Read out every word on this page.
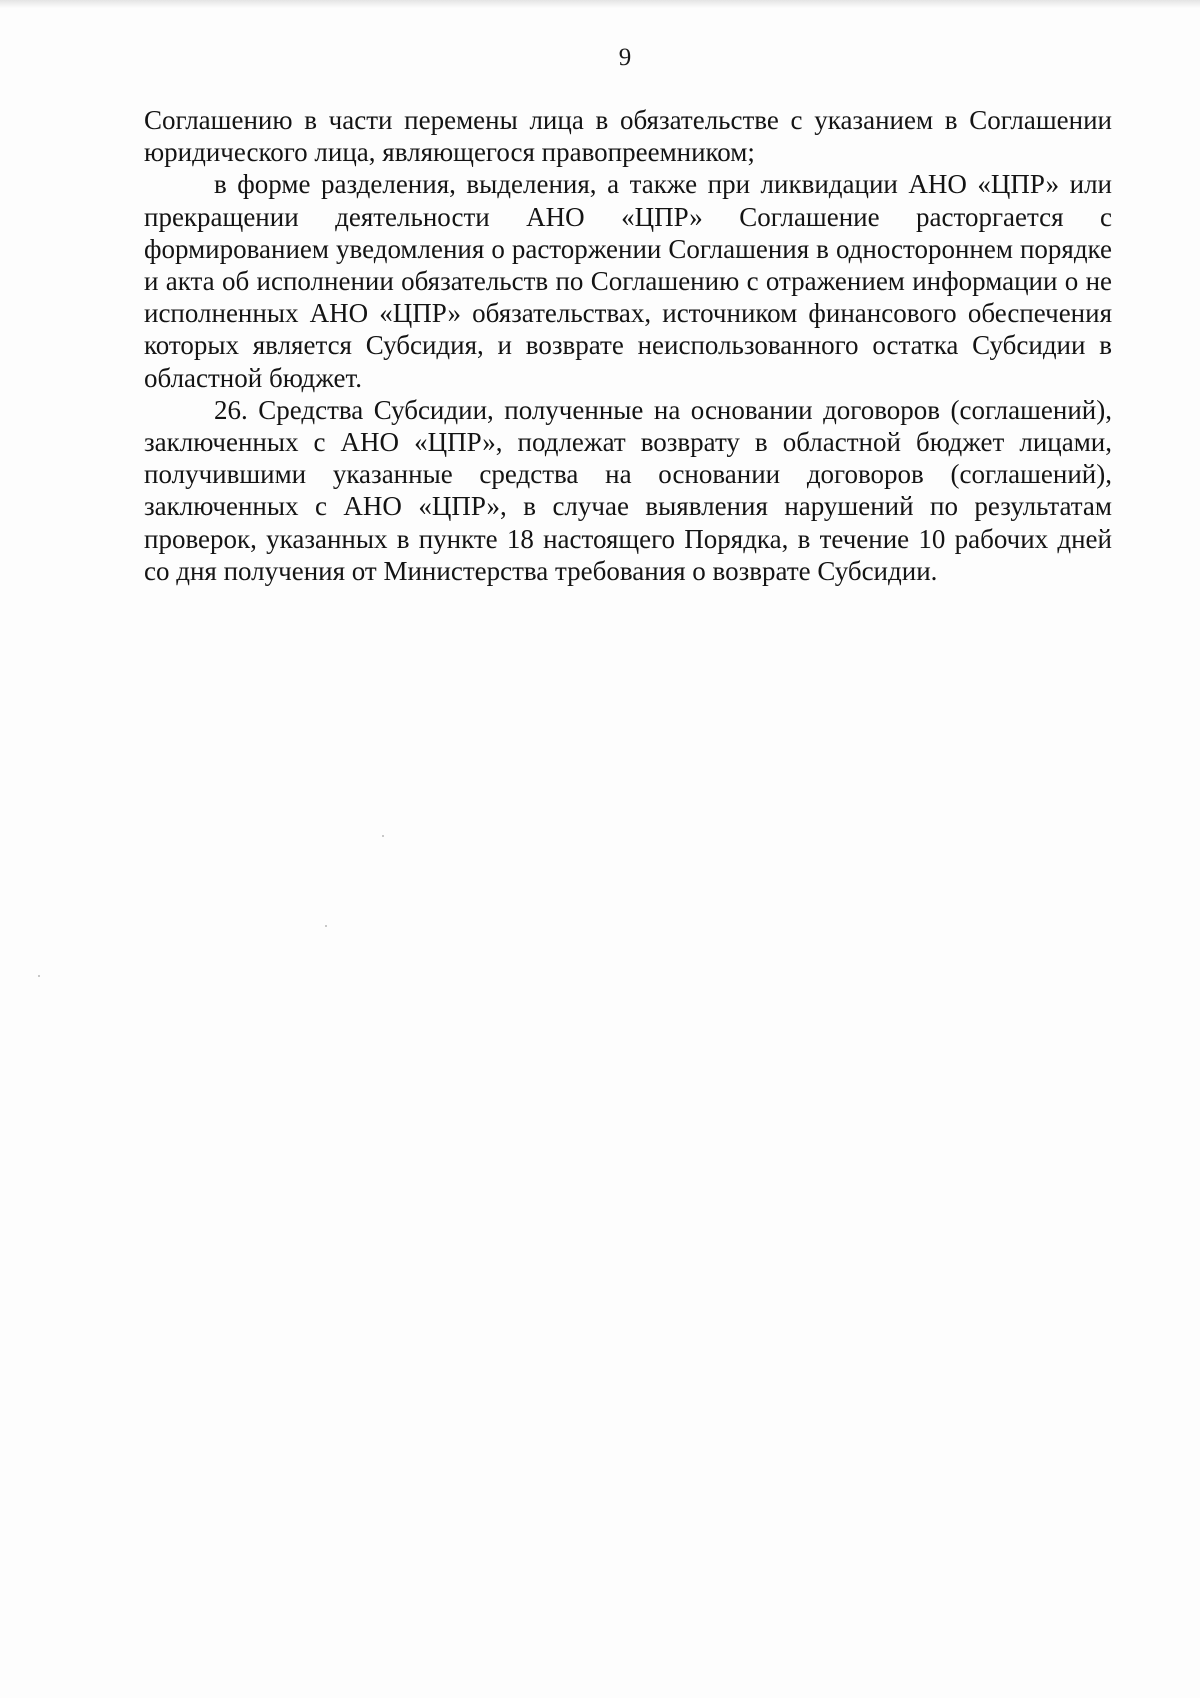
9

Соглашению в части перемены лица в обязательстве с указанием в Соглашении юридического лица, являющегося правопреемником;

в форме разделения, выделения, а также при ликвидации АНО «ЦПР» или прекращении деятельности АНО «ЦПР» Соглашение расторгается с формированием уведомления о расторжении Соглашения в одностороннем порядке и акта об исполнении обязательств по Соглашению с отражением информации о не исполненных АНО «ЦПР» обязательствах, источником финансового обеспечения которых является Субсидия, и возврате неиспользованного остатка Субсидии в областной бюджет.

26. Средства Субсидии, полученные на основании договоров (соглашений), заключенных с АНО «ЦПР», подлежат возврату в областной бюджет лицами, получившими указанные средства на основании договоров (соглашений), заключенных с АНО «ЦПР», в случае выявления нарушений по результатам проверок, указанных в пункте 18 настоящего Порядка, в течение 10 рабочих дней со дня получения от Министерства требования о возврате Субсидии.
